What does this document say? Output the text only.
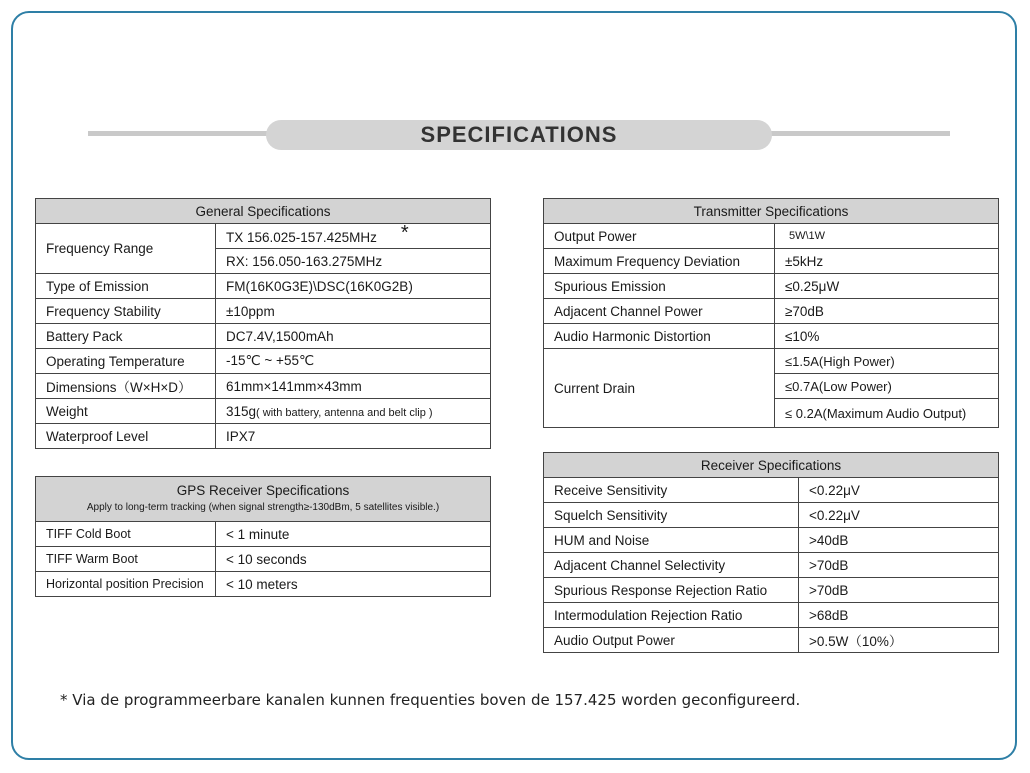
SPECIFICATIONS
General Specifications	
Frequency Range	TX 156.025-157.425MHz *
	RX: 156.050-163.275MHz
Type of Emission	FM(16K0G3E)\DSC(16K0G2B)
Frequency Stability	±10ppm
Battery Pack	DC7.4V,1500mAh
Operating Temperature	-15℃ ~ +55℃
Dimensions（W×H×D）	61mm×141mm×43mm
Weight	315g( with battery, antenna and belt clip )
Waterproof Level	IPX7
GPS Receiver Specifications
Apply to long-term tracking (when signal strength≥-130dBm, 5 satellites visible.)	

TIFF Cold Boot	< 1 minute
TIFF Warm Boot	< 10 seconds
Horizontal position Precision	< 10 meters
Transmitter Specifications	
Output Power	5W\1W
Maximum Frequency Deviation	±5kHz
Spurious Emission	≤0.25μW
Adjacent Channel Power	≥70dB
Audio Harmonic Distortion	≤10%
Current Drain	≤1.5A(High Power)
	≤0.7A(Low Power)
	≤ 0.2A(Maximum Audio Output)
Receiver Specifications	
Receive Sensitivity	<0.22μV
Squelch Sensitivity	<0.22μV
HUM and Noise	>40dB
Adjacent Channel Selectivity	>70dB
Spurious Response Rejection Ratio	>70dB
Intermodulation Rejection Ratio	>68dB
Audio Output Power	>0.5W（10%）
* Via de programmeerbare kanalen kunnen frequenties boven de 157.425 worden geconfigureerd.
